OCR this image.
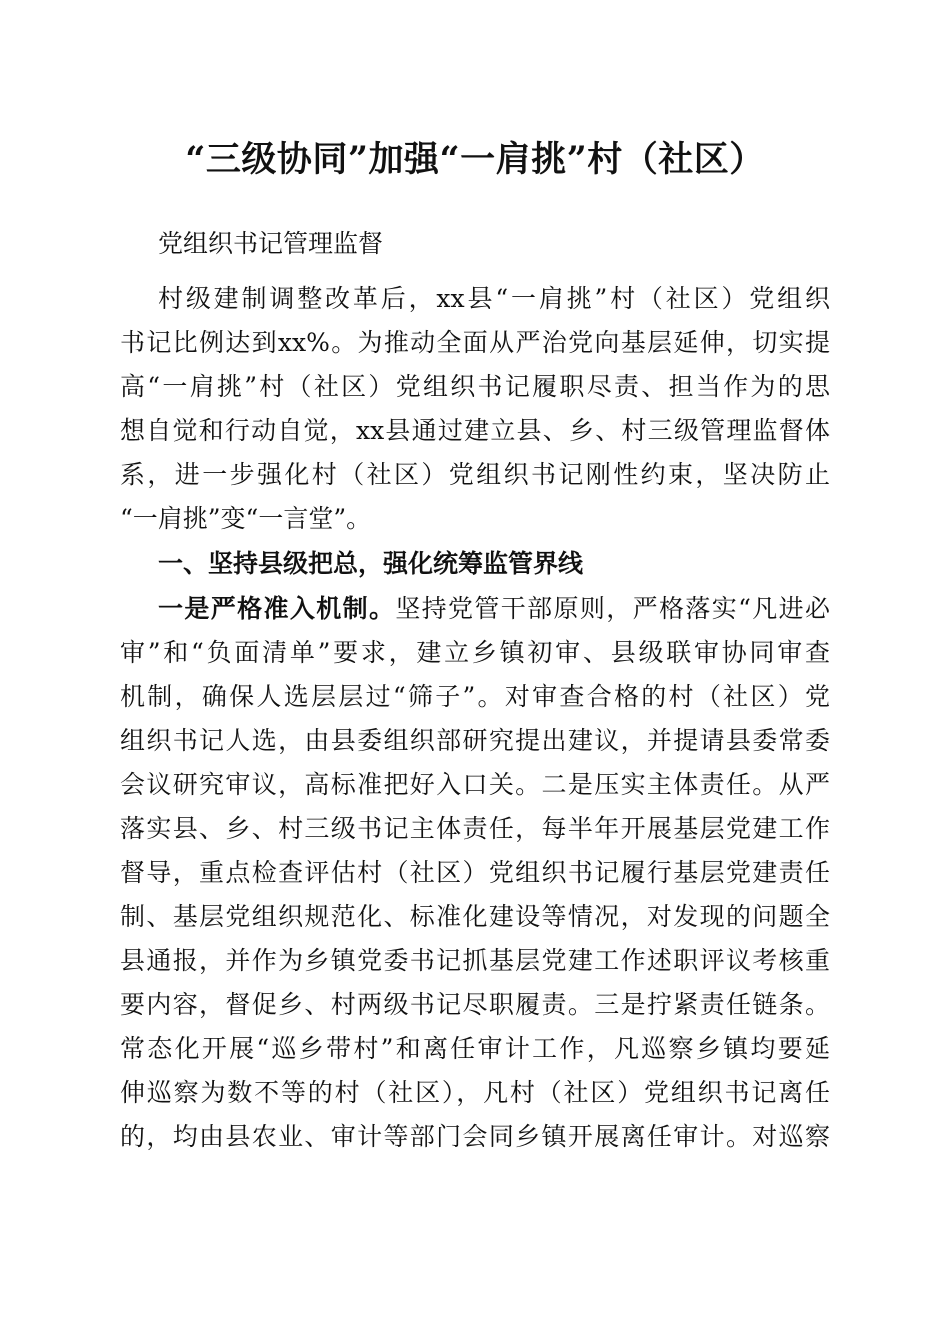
“三级协同”加强“一肩挑”村（社区）
党组织书记管理监督
村级建制调整改革后，xx县“一肩挑”村（社区）党组织
书记比例达到xx%。为推动全面从严治党向基层延伸，切实提
高“一肩挑”村（社区）党组织书记履职尽责、担当作为的思
想自觉和行动自觉，xx县通过建立县、乡、村三级管理监督体
系，进一步强化村（社区）党组织书记刚性约束，坚决防止
“一肩挑”变“一言堂”。
一、坚持县级把总，强化统筹监管界线
一是严格准入机制。坚持党管干部原则，严格落实“凡进必
审”和“负面清单”要求，建立乡镇初审、县级联审协同审查
机制，确保人选层层过“筛子”。对审查合格的村（社区）党
组织书记人选，由县委组织部研究提出建议，并提请县委常委
会议研究审议，高标准把好入口关。二是压实主体责任。从严
落实县、乡、村三级书记主体责任，每半年开展基层党建工作
督导，重点检查评估村（社区）党组织书记履行基层党建责任
制、基层党组织规范化、标准化建设等情况，对发现的问题全
县通报，并作为乡镇党委书记抓基层党建工作述职评议考核重
要内容，督促乡、村两级书记尽职履责。三是拧紧责任链条。
常态化开展“巡乡带村”和离任审计工作，凡巡察乡镇均要延
伸巡察为数不等的村（社区），凡村（社区）党组织书记离任
的，均由县农业、审计等部门会同乡镇开展离任审计。对巡察
